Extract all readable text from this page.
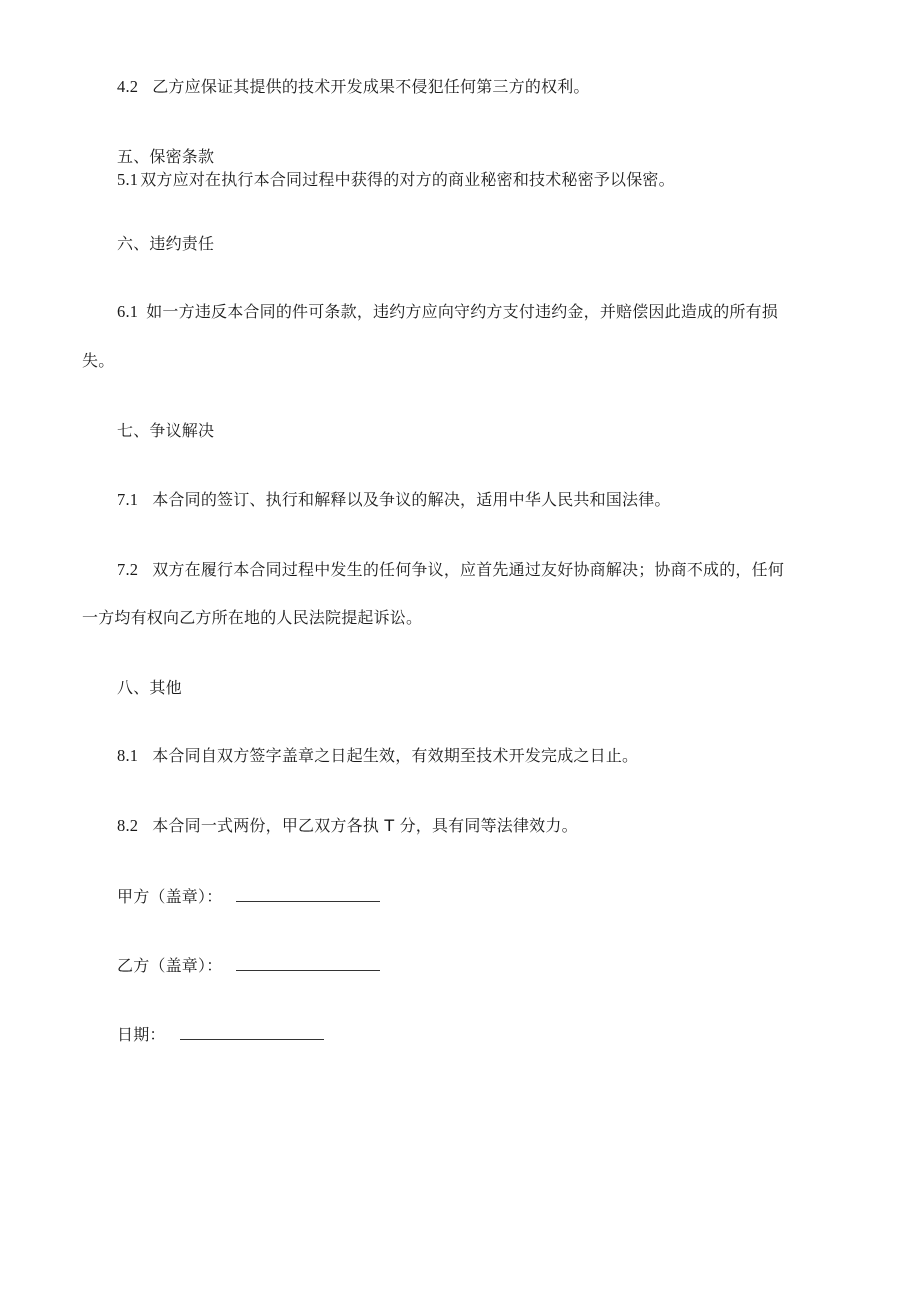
4.2 乙方应保证其提供的技术开发成果不侵犯任何第三方的权利。
五、保密条款
5.1 双方应对在执行本合同过程中获得的对方的商业秘密和技术秘密予以保密。
六、违约责任
6.1 如一方违反本合同的件可条款，违约方应向守约方支付违约金，并赔偿因此造成的所有损
失。
七、争议解决
7.1 本合同的签订、执行和解释以及争议的解决，适用中华人民共和国法律。
7.2 双方在履行本合同过程中发生的任何争议，应首先通过友好协商解决；协商不成的，任何
一方均有权向乙方所在地的人民法院提起诉讼。
八、其他
8.1 本合同自双方签字盖章之日起生效，有效期至技术开发完成之日止。
8.2 本合同一式两份，甲乙双方各执 T 分，具有同等法律效力。
甲方（盖章）：
乙方（盖章）：
日期：
